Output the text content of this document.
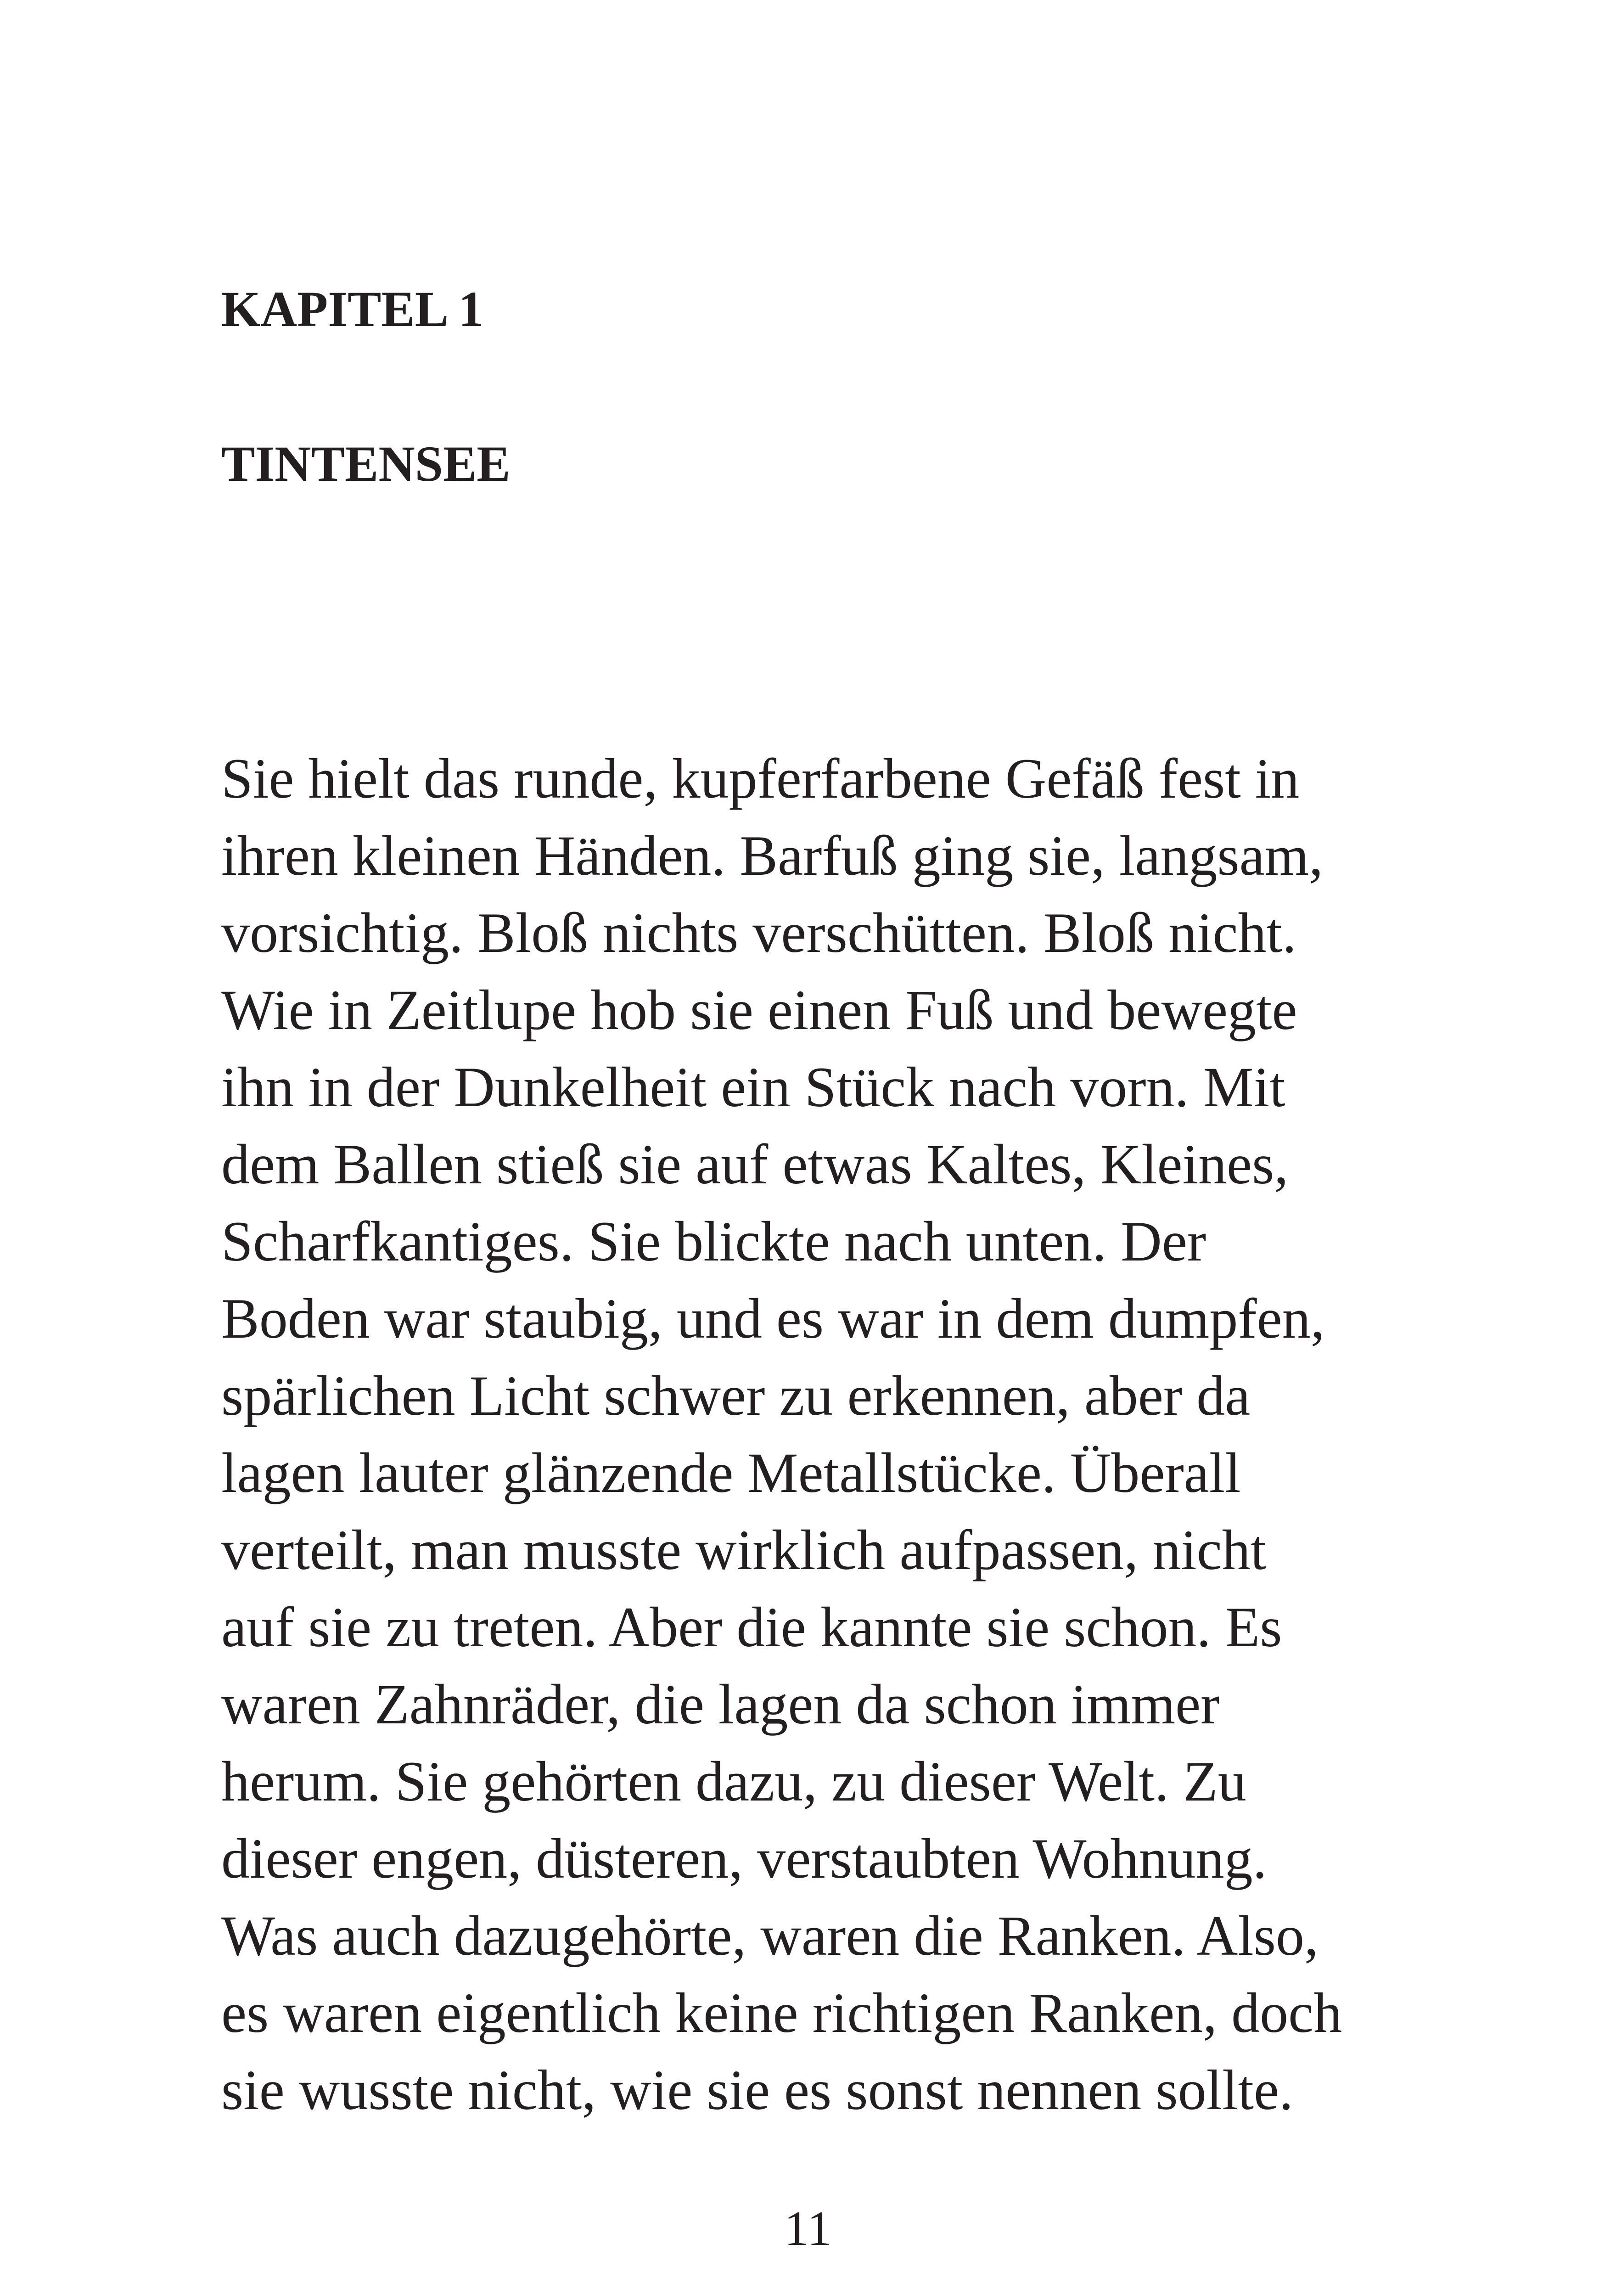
KAPITEL 1
TINTENSEE
Sie hielt das runde, kupferfarbene Gefäß fest in
ihren kleinen Händen. Barfuß ging sie, langsam,
vorsichtig. Bloß nichts verschütten. Bloß nicht.
Wie in Zeitlupe hob sie einen Fuß und bewegte
ihn in der Dunkelheit ein Stück nach vorn. Mit
dem Ballen stieß sie auf etwas Kaltes, Kleines,
Scharfkantiges. Sie blickte nach unten. Der
Boden war staubig, und es war in dem dumpfen,
spärlichen Licht schwer zu erkennen, aber da
lagen lauter glänzende Metallstücke. Überall
verteilt, man musste wirklich aufpassen, nicht
auf sie zu treten. Aber die kannte sie schon. Es
waren Zahnräder, die lagen da schon immer
herum. Sie gehörten dazu, zu dieser Welt. Zu
dieser engen, düsteren, verstaubten Wohnung.
Was auch dazugehörte, waren die Ranken. Also,
es waren eigentlich keine richtigen Ranken, doch
sie wusste nicht, wie sie es sonst nennen sollte.
11
